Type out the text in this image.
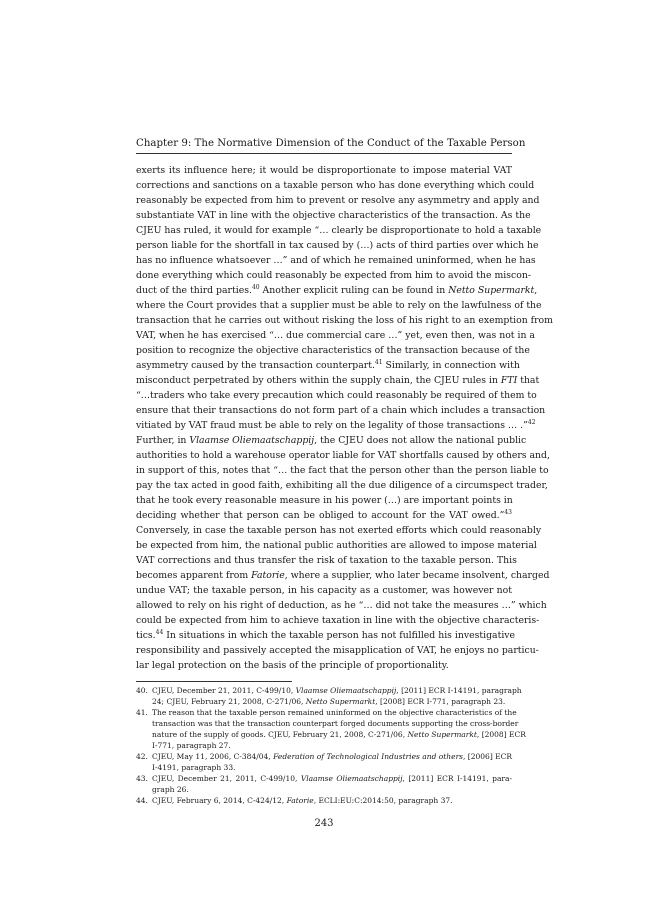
Chapter 9: The Normative Dimension of the Conduct of the Taxable Person
exerts its influence here; it would be disproportionate to impose material VAT
corrections and sanctions on a taxable person who has done everything which could
reasonably be expected from him to prevent or resolve any asymmetry and apply and
substantiate VAT in line with the objective characteristics of the transaction. As the
CJEU has ruled, it would for example “… clearly be disproportionate to hold a taxable
person liable for the shortfall in tax caused by (…) acts of third parties over which he
has no influence whatsoever …” and of which he remained uninformed, when he has
done everything which could reasonably be expected from him to avoid the miscon-
duct of the third parties.$^{40}$ Another explicit ruling can be found in Netto Supermarkt,
where the Court provides that a supplier must be able to rely on the lawfulness of the
transaction that he carries out without risking the loss of his right to an exemption from
VAT, when he has exercised “… due commercial care …” yet, even then, was not in a
position to recognize the objective characteristics of the transaction because of the
asymmetry caused by the transaction counterpart.$^{41}$ Similarly, in connection with
misconduct perpetrated by others within the supply chain, the CJEU rules in FTI that
“…traders who take every precaution which could reasonably be required of them to
ensure that their transactions do not form part of a chain which includes a transaction
vitiated by VAT fraud must be able to rely on the legality of those transactions … .”$^{42}$
Further, in Vlaamse Oliemaatschappij, the CJEU does not allow the national public
authorities to hold a warehouse operator liable for VAT shortfalls caused by others and,
in support of this, notes that “… the fact that the person other than the person liable to
pay the tax acted in good faith, exhibiting all the due diligence of a circumspect trader,
that he took every reasonable measure in his power (…) are important points in
deciding whether that person can be obliged to account for the VAT owed.”$^{43}$
Conversely, in case the taxable person has not exerted efforts which could reasonably
be expected from him, the national public authorities are allowed to impose material
VAT corrections and thus transfer the risk of taxation to the taxable person. This
becomes apparent from Fatorie, where a supplier, who later became insolvent, charged
undue VAT; the taxable person, in his capacity as a customer, was however not
allowed to rely on his right of deduction, as he “… did not take the measures …” which
could be expected from him to achieve taxation in line with the objective characteris-
tics.$^{44}$ In situations in which the taxable person has not fulfilled his investigative
responsibility and passively accepted the misapplication of VAT, he enjoys no particu-
lar legal protection on the basis of the principle of proportionality.
40. CJEU, December 21, 2011, C-499/10, Vlaamse Oliemaatschappij, [2011] ECR I-14191, paragraph
24; CJEU, February 21, 2008, C-271/06, Netto Supermarkt, [2008] ECR I-771, paragraph 23.
41. The reason that the taxable person remained uninformed on the objective characteristics of the
transaction was that the transaction counterpart forged documents supporting the cross-border
nature of the supply of goods. CJEU, February 21, 2008, C-271/06, Netto Supermarkt, [2008] ECR
I-771, paragraph 27.
42. CJEU, May 11, 2006, C-384/04, Federation of Technological Industries and others, [2006] ECR
I-4191, paragraph 33.
43. CJEU, December 21, 2011, C-499/10, Vlaamse Oliemaatschappij, [2011] ECR I-14191, para-
graph 26.
44. CJEU, February 6, 2014, C-424/12, Fatorie, ECLI:EU:C:2014:50, paragraph 37.
243
